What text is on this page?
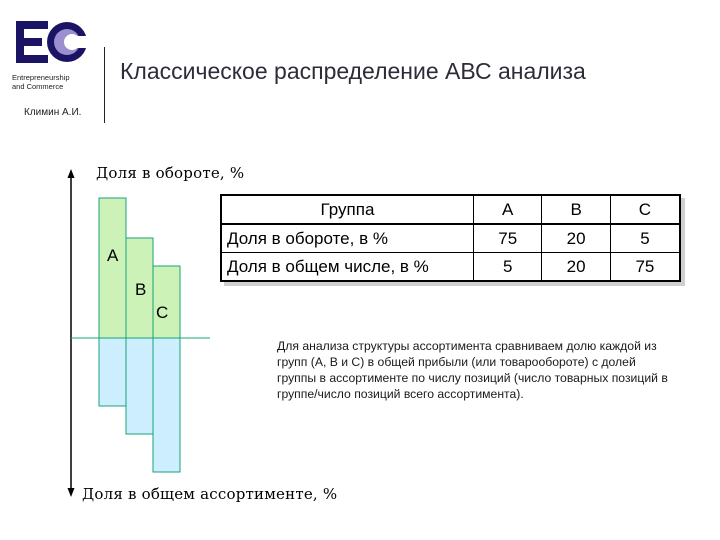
Entrepreneurship
and Commerce
Климин А.И.
Классическое распределение АВС анализа
Доля в обороте, %
Доля в общем ассортименте, %
A
B
C
Группа	A	B	C
Доля в обороте, в %	75	20	5
Доля в общем числе, в %	5	20	75
Для анализа структуры ассортимента сравниваем долю каждой из групп (A, B и C) в общей прибыли (или товарообороте) с долей группы в ассортименте по числу позиций (число товарных позиций в группе/число позиций всего ассортимента).
